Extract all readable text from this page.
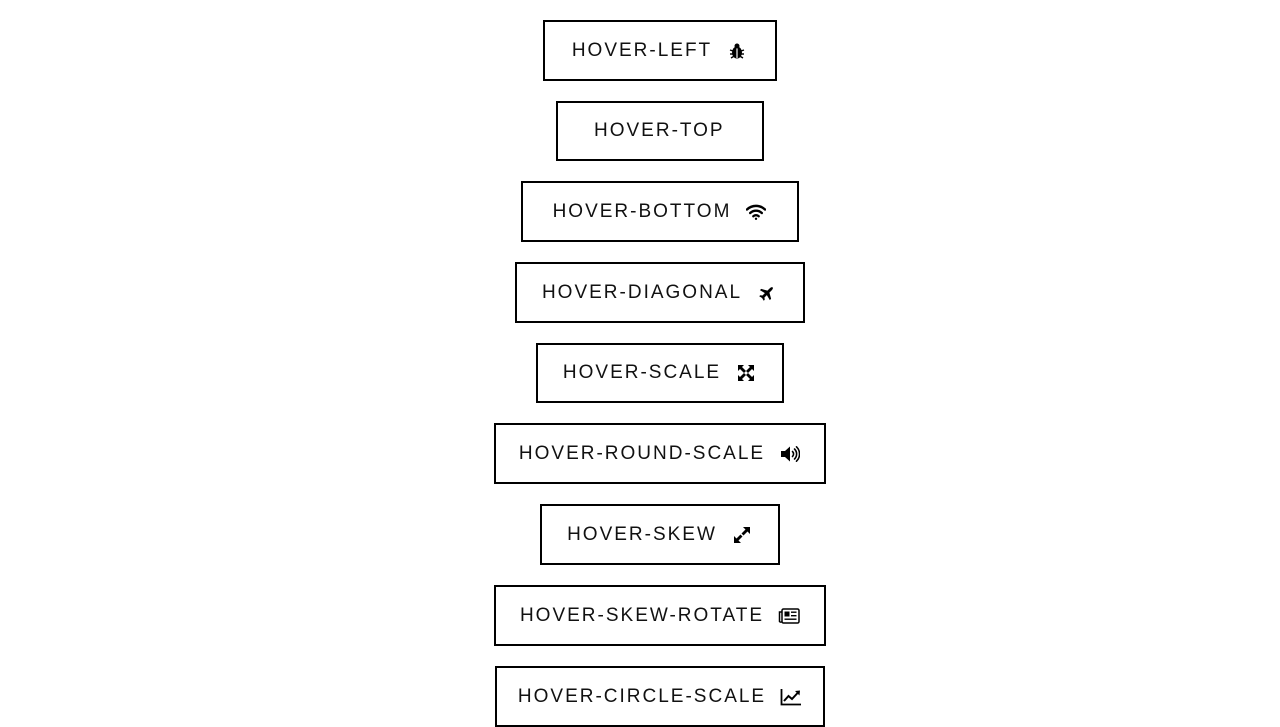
HOVER-LEFT
HOVER-TOP
HOVER-BOTTOM
HOVER-DIAGONAL
HOVER-SCALE
HOVER-ROUND-SCALE
HOVER-SKEW
HOVER-SKEW-ROTATE
HOVER-CIRCLE-SCALE
